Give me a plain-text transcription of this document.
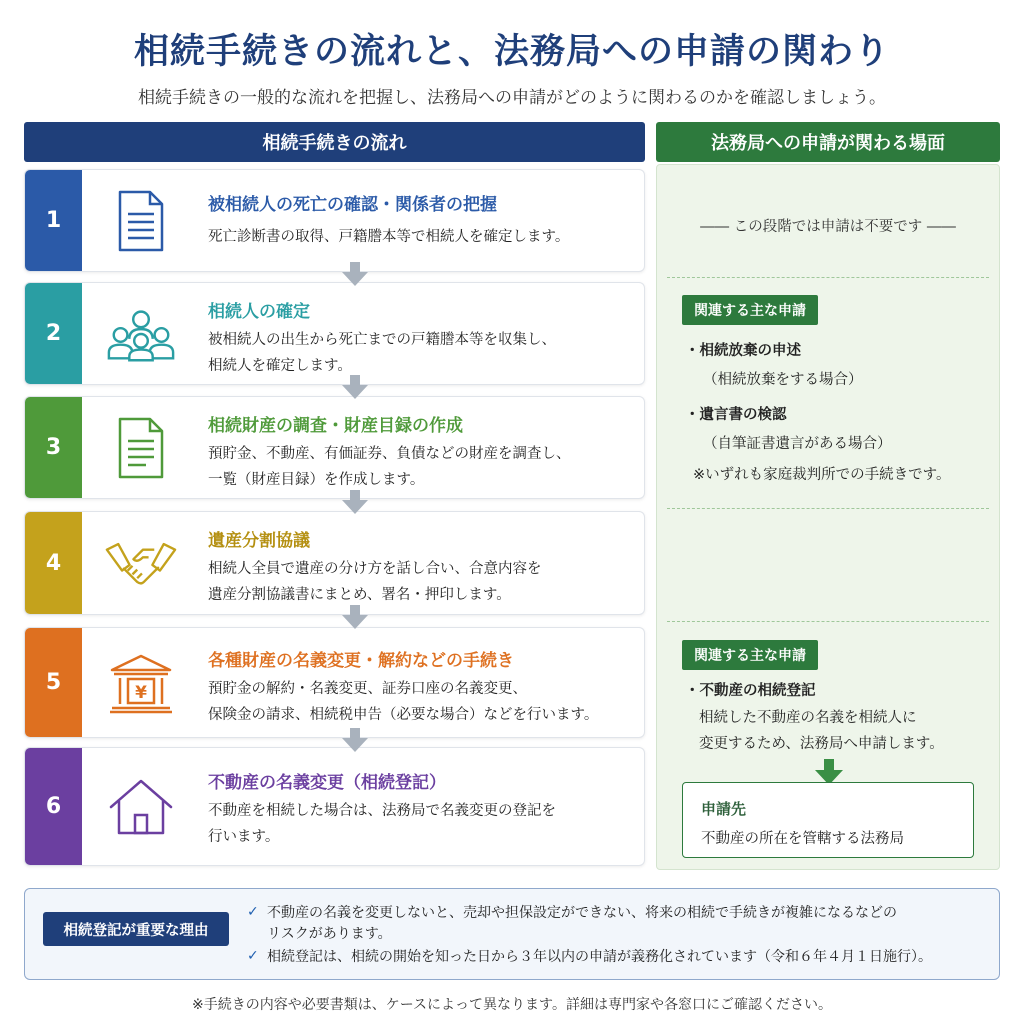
相続手続きの流れと、法務局への申請の関わり
相続手続きの一般的な流れを把握し、法務局への申請がどのように関わるのかを確認しましょう。
相続手続きの流れ	法務局への申請が関わる場面
1
被相続人の死亡の確認・関係者の把握
死亡診断書の取得、戸籍謄本等で相続人を確定します。
2
相続人の確定
被相続人の出生から死亡までの戸籍謄本等を収集し、
相続人を確定します。
3
相続財産の調査・財産目録の作成
預貯金、不動産、有価証券、負債などの財産を調査し、
一覧（財産目録）を作成します。
4
遺産分割協議
相続人全員で遺産の分け方を話し合い、合意内容を
遺産分割協議書にまとめ、署名・押印します。
5	¥
各種財産の名義変更・解約などの手続き
預貯金の解約・名義変更、証券口座の名義変更、
保険金の請求、相続税申告（必要な場合）などを行います。
6
不動産の名義変更（相続登記）
不動産を相続した場合は、法務局で名義変更の登記を
行います。
―― この段階では申請は不要です ――
関連する主な申請
・相続放棄の申述
（相続放棄をする場合）
・遺言書の検認
（自筆証書遺言がある場合）
※いずれも家庭裁判所での手続きです。
関連する主な申請
・不動産の相続登記
相続した不動産の名義を相続人に
変更するため、法務局へ申請します。
申請先
不動産の所在を管轄する法務局
相続登記が重要な理由
✓ 不動産の名義を変更しないと、売却や担保設定ができない、将来の相続で手続きが複雑になるなどの
リスクがあります。
✓ 相続登記は、相続の開始を知った日から３年以内の申請が義務化されています（令和６年４月１日施行）。
※手続きの内容や必要書類は、ケースによって異なります。詳細は専門家や各窓口にご確認ください。
